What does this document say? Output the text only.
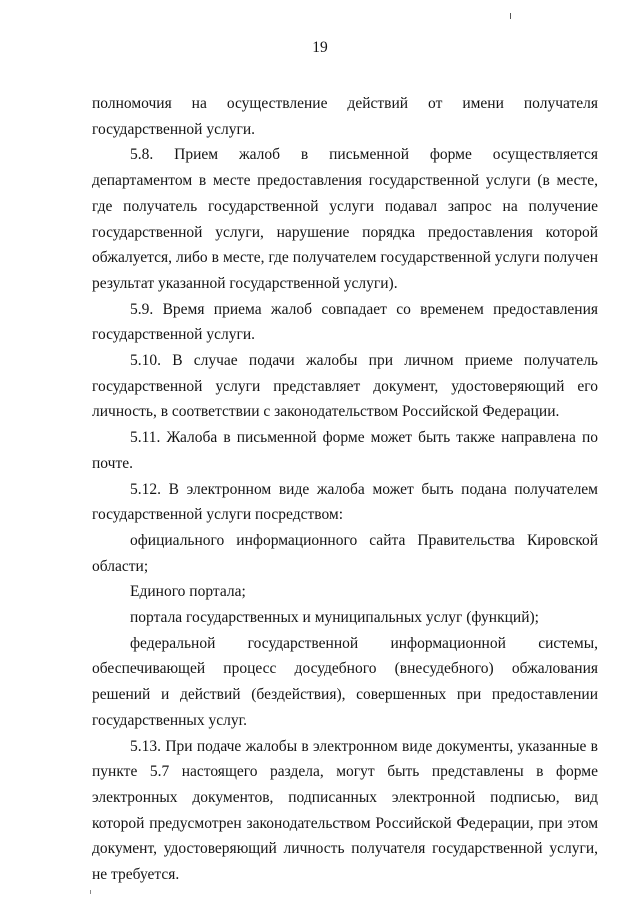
19

полномочия на осуществление действий от имени получателя государственной услуги.

5.8. Прием жалоб в письменной форме осуществляется департаментом в месте предоставления государственной услуги (в месте, где получатель государственной услуги подавал запрос на получение государственной услуги, нарушение порядка предоставления которой обжалуется, либо в месте, где получателем государственной услуги получен результат указанной государственной услуги).

5.9. Время приема жалоб совпадает со временем предоставления государственной услуги.

5.10. В случае подачи жалобы при личном приеме получатель государственной услуги представляет документ, удостоверяющий его личность, в соответствии с законодательством Российской Федерации.

5.11. Жалоба в письменной форме может быть также направлена по почте.

5.12. В электронном виде жалоба может быть подана получателем государственной услуги посредством:

официального информационного сайта Правительства Кировской области;

Единого портала;

портала государственных и муниципальных услуг (функций);

федеральной государственной информационной системы, обеспечивающей процесс досудебного (внесудебного) обжалования решений и действий (бездействия), совершенных при предоставлении государственных услуг.

5.13. При подаче жалобы в электронном виде документы, указанные в пункте 5.7 настоящего раздела, могут быть представлены в форме электронных документов, подписанных электронной подписью, вид которой предусмотрен законодательством Российской Федерации, при этом документ, удостоверяющий личность получателя государственной услуги, не требуется.
